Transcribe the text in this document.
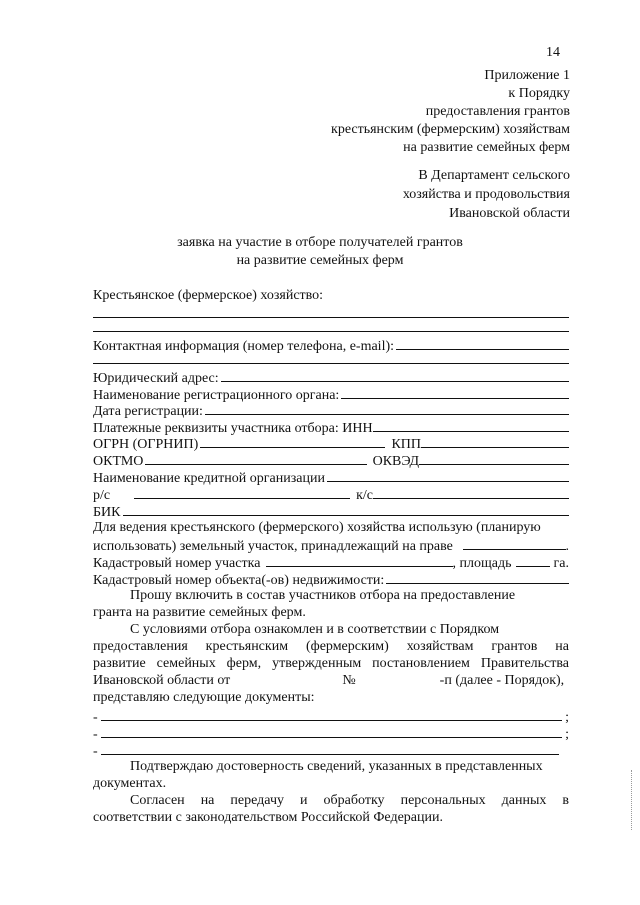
14
Приложение 1
к Порядку
предоставления грантов
крестьянским (фермерским) хозяйствам
на развитие семейных ферм
В Департамент сельского
хозяйства и продовольствия
Ивановской области
заявка на участие в отборе получателей грантов
на развитие семейных ферм
Крестьянское (фермерское) хозяйство:
Контактная информация (номер телефона, e-mail):
Юридический адрес:
Наименование регистрационного органа:
Дата регистрации:
Платежные реквизиты участника отбора: ИНН
ОГРН (ОГРНИП)	КПП
ОКТМО	ОКВЭД
Наименование кредитной организации
р/с	к/с
БИК
Для ведения крестьянского (фермерского) хозяйства использую (планирую
использовать) земельный участок, принадлежащий на праве	.
Кадастровый номер участка	, площадь	га.
Кадастровый номер объекта(-ов) недвижимости:
Прошу включить в состав участников отбора на предоставление
гранта на развитие семейных ферм.
С условиями отбора ознакомлен и в соответствии с Порядком
предоставления крестьянским (фермерским) хозяйствам грантов на
развитие семейных ферм, утвержденным постановлением Правительства
Ивановской области от	№	-п (далее - Порядок),
представляю следующие документы:
-	;
-	;
-
Подтверждаю достоверность сведений, указанных в представленных
документах.
Согласен на передачу и обработку персональных данных в
соответствии с законодательством Российской Федерации.
